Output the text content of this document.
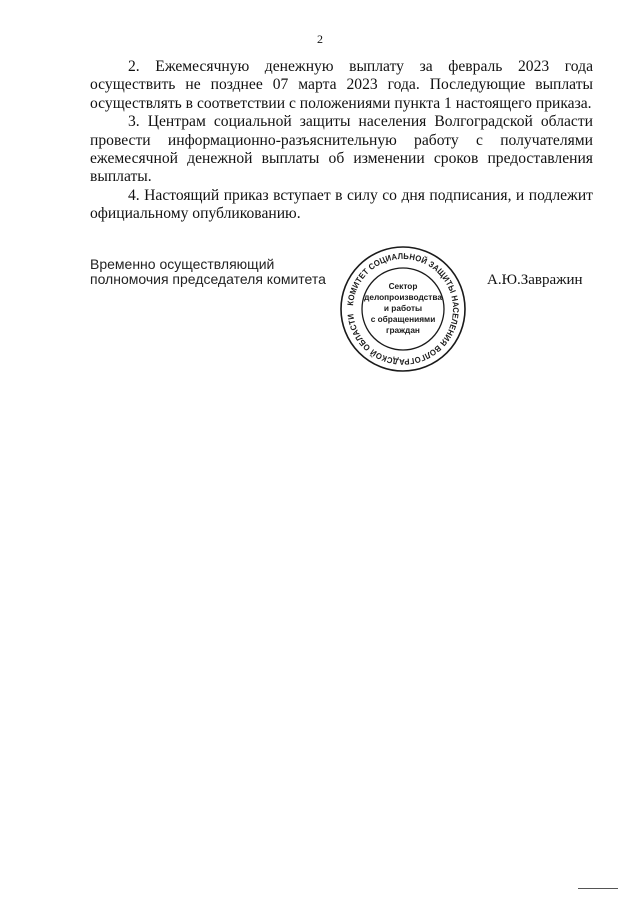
2

2. Ежемесячную денежную выплату за февраль 2023 года осуществить не позднее 07 марта 2023 года. Последующие выплаты осуществлять в соответствии с положениями пункта 1 настоящего приказа.

3. Центрам социальной защиты населения Волгоградской области провести информационно-разъяснительную работу с получателями ежемесячной денежной выплаты об изменении сроков предоставления выплаты.

4. Настоящий приказ вступает в силу со дня подписания, и подлежит официальному опубликованию.

Временно осуществляющий
полномочия председателя комитета
КОМИТЕТ СОЦИАЛЬНОЙ ЗАЩИТЫ НАСЕЛЕНИЯ ВОЛГОГРАДСКОЙ ОБЛАСТИ
Сектор
делопроизводства
и работы
с обращениями
граждан
А.Ю.Завражин
